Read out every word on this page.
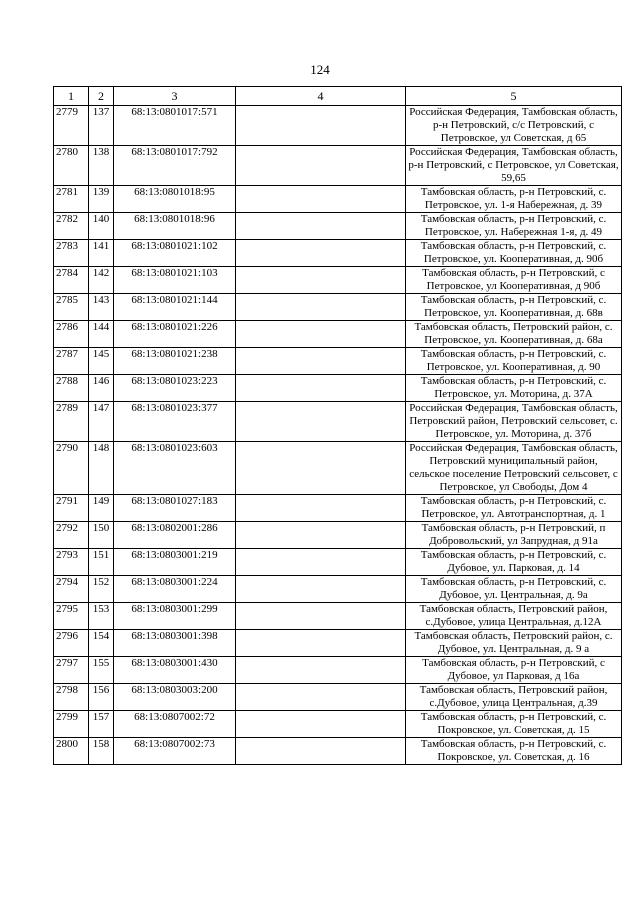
124
1	2	3	4	5
2779	137	68:13:0801017:571		Российская Федерация, Тамбовская область, р-н Петровский, с/с Петровский, с Петровское, ул Советская, д 65
2780	138	68:13:0801017:792		Российская Федерация, Тамбовская область, р-н Петровский, с Петровское, ул Советская, 59,65
2781	139	68:13:0801018:95		Тамбовская область, р-н Петровский, с. Петровское, ул. 1-я Набережная, д. 39
2782	140	68:13:0801018:96		Тамбовская область, р-н Петровский, с. Петровское, ул. Набережная 1-я, д. 49
2783	141	68:13:0801021:102		Тамбовская область, р-н Петровский, с. Петровское, ул. Кооперативная, д. 90б
2784	142	68:13:0801021:103		Тамбовская область, р-н Петровский, с Петровское, ул Кооперативная, д 90б
2785	143	68:13:0801021:144		Тамбовская область, р-н Петровский, с. Петровское, ул. Кооперативная, д. 68в
2786	144	68:13:0801021:226		Тамбовская область, Петровский район, с. Петровское, ул. Кооперативная, д. 68а
2787	145	68:13:0801021:238		Тамбовская область, р-н Петровский, с. Петровское, ул. Кооперативная, д. 90
2788	146	68:13:0801023:223		Тамбовская область, р-н Петровский, с. Петровское, ул. Моторина, д. 37А
2789	147	68:13:0801023:377		Российская Федерация, Тамбовская область, Петровский район, Петровский сельсовет, с. Петровское, ул. Моторина, д. 37б
2790	148	68:13:0801023:603		Российская Федерация, Тамбовская область, Петровский муниципальный район, сельское поселение Петровский сельсовет, с Петровское, ул Свободы, Дом 4
2791	149	68:13:0801027:183		Тамбовская область, р-н Петровский, с. Петровское, ул. Автотранспортная, д. 1
2792	150	68:13:0802001:286		Тамбовская область, р-н Петровский, п Добровольский, ул Запрудная, д 91а
2793	151	68:13:0803001:219		Тамбовская область, р-н Петровский, с. Дубовое, ул. Парковая, д. 14
2794	152	68:13:0803001:224		Тамбовская область, р-н Петровский, с. Дубовое, ул. Центральная, д. 9а
2795	153	68:13:0803001:299		Тамбовская область, Петровский район, с.Дубовое, улица Центральная, д.12А
2796	154	68:13:0803001:398		Тамбовская область, Петровский район, с. Дубовое, ул. Центральная, д. 9 а
2797	155	68:13:0803001:430		Тамбовская область, р-н Петровский, с Дубовое, ул Парковая, д 16а
2798	156	68:13:0803003:200		Тамбовская область, Петровский район, с.Дубовое, улица Центральная, д.39
2799	157	68:13:0807002:72		Тамбовская область, р-н Петровский, с. Покровское, ул. Советская, д. 15
2800	158	68:13:0807002:73		Тамбовская область, р-н Петровский, с. Покровское, ул. Советская, д. 16
